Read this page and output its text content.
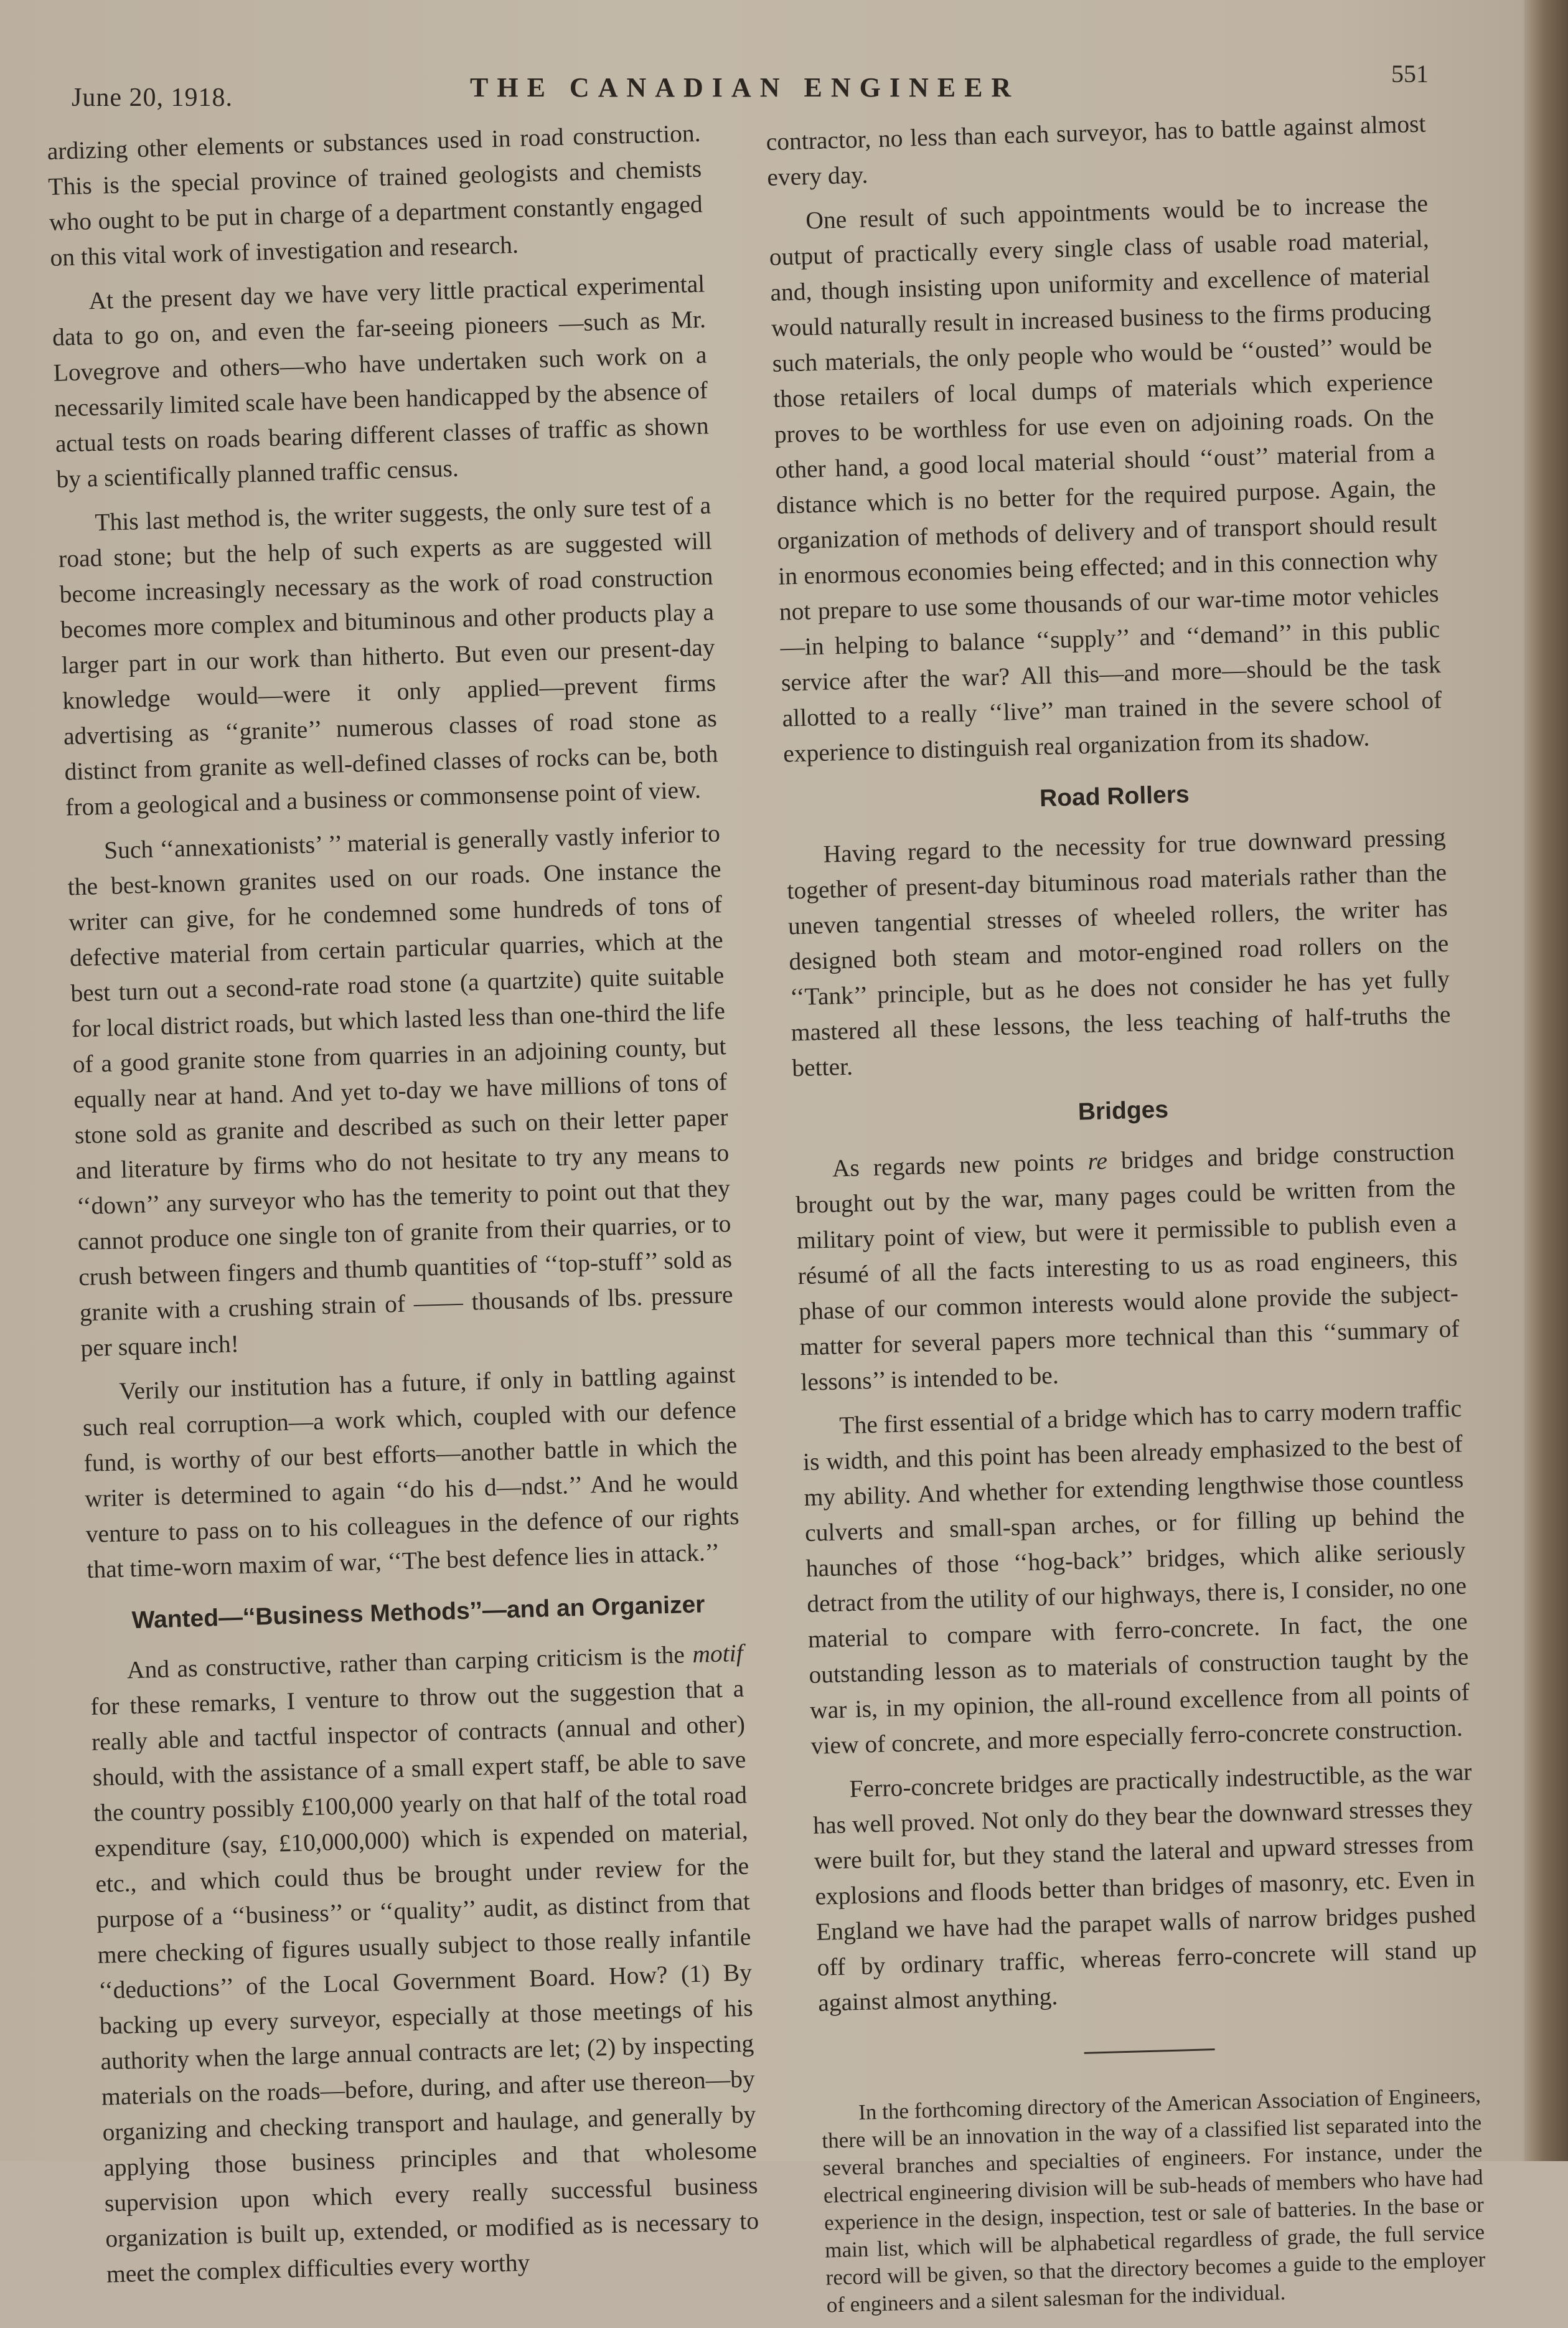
June 20, 1918.	THE CANADIAN ENGINEER	551

ardizing other elements or substances used in road construction. This is the special province of trained geologists and chemists who ought to be put in charge of a department constantly engaged on this vital work of investigation and research.

At the present day we have very little practical experimental data to go on, and even the far-seeing pioneers —such as Mr. Lovegrove and others—who have undertaken such work on a necessarily limited scale have been handicapped by the absence of actual tests on roads bearing different classes of traffic as shown by a scientifically planned traffic census.

This last method is, the writer suggests, the only sure test of a road stone; but the help of such experts as are suggested will become increasingly necessary as the work of road construction becomes more complex and bituminous and other products play a larger part in our work than hitherto. But even our present-day knowledge would—were it only applied—prevent firms advertising as ‘‘granite’’ numerous classes of road stone as distinct from granite as well-defined classes of rocks can be, both from a geological and a business or commonsense point of view.

Such ‘‘annexationists’ ’’ material is generally vastly inferior to the best-known granites used on our roads. One instance the writer can give, for he condemned some hundreds of tons of defective material from certain particular quarries, which at the best turn out a second-rate road stone (a quartzite) quite suitable for local district roads, but which lasted less than one-third the life of a good granite stone from quarries in an adjoining county, but equally near at hand. And yet to-day we have millions of tons of stone sold as granite and described as such on their letter paper and literature by firms who do not hesitate to try any means to ‘‘down’’ any surveyor who has the temerity to point out that they cannot produce one single ton of granite from their quarries, or to crush between fingers and thumb quantities of ‘‘top-stuff’’ sold as granite with a crushing strain of —— thousands of lbs. pressure per square inch!

Verily our institution has a future, if only in battling against such real corruption—a work which, coupled with our defence fund, is worthy of our best efforts—another battle in which the writer is determined to again ‘‘do his d—ndst.’’ And he would venture to pass on to his colleagues in the defence of our rights that time-worn maxim of war, ‘‘The best defence lies in attack.’’

Wanted—‘‘Business Methods’’—and an Organizer

And as constructive, rather than carping criticism is the motif for these remarks, I venture to throw out the suggestion that a really able and tactful inspector of contracts (annual and other) should, with the assistance of a small expert staff, be able to save the country possibly £100,000 yearly on that half of the total road expenditure (say, £10,000,000) which is expended on material, etc., and which could thus be brought under review for the purpose of a ‘‘business’’ or ‘‘quality’’ audit, as distinct from that mere checking of figures usually subject to those really infantile ‘‘deductions’’ of the Local Government Board. How? (1) By backing up every surveyor, especially at those meetings of his authority when the large annual contracts are let; (2) by inspecting materials on the roads—before, during, and after use thereon—by organizing and checking transport and haulage, and generally by applying those business principles and that wholesome supervision upon which every really successful business organization is built up, extended, or modified as is necessary to meet the complex difficulties every worthy

contractor, no less than each surveyor, has to battle against almost every day.

One result of such appointments would be to increase the output of practically every single class of usable road material, and, though insisting upon uniformity and excellence of material would naturally result in increased business to the firms producing such materials, the only people who would be ‘‘ousted’’ would be those retailers of local dumps of materials which experience proves to be worthless for use even on adjoining roads. On the other hand, a good local material should ‘‘oust’’ material from a distance which is no better for the required purpose. Again, the organization of methods of delivery and of transport should result in enormous economies being effected; and in this connection why not prepare to use some thousands of our war-time motor vehicles—in helping to balance ‘‘supply’’ and ‘‘demand’’ in this public service after the war? All this—and more—should be the task allotted to a really ‘‘live’’ man trained in the severe school of experience to distinguish real organization from its shadow.

Road Rollers

Having regard to the necessity for true downward pressing together of present-day bituminous road materials rather than the uneven tangential stresses of wheeled rollers, the writer has designed both steam and motor-engined road rollers on the ‘‘Tank’’ principle, but as he does not consider he has yet fully mastered all these lessons, the less teaching of half-truths the better.

Bridges

As regards new points re bridges and bridge construction brought out by the war, many pages could be written from the military point of view, but were it permissible to publish even a résumé of all the facts interesting to us as road engineers, this phase of our common interests would alone provide the subject-matter for several papers more technical than this ‘‘summary of lessons’’ is intended to be.

The first essential of a bridge which has to carry modern traffic is width, and this point has been already emphasized to the best of my ability. And whether for extending lengthwise those countless culverts and small-span arches, or for filling up behind the haunches of those ‘‘hog-back’’ bridges, which alike seriously detract from the utility of our highways, there is, I consider, no one material to compare with ferro-concrete. In fact, the one outstanding lesson as to materials of construction taught by the war is, in my opinion, the all-round excellence from all points of view of concrete, and more especially ferro-concrete construction.

Ferro-concrete bridges are practically indestructible, as the war has well proved. Not only do they bear the downward stresses they were built for, but they stand the lateral and upward stresses from explosions and floods better than bridges of masonry, etc. Even in England we have had the parapet walls of narrow bridges pushed off by ordinary traffic, whereas ferro-concrete will stand up against almost anything.

In the forthcoming directory of the American Association of Engineers, there will be an innovation in the way of a classified list separated into the several branches and specialties of engineers. For instance, under the electrical engineering division will be sub-heads of members who have had experience in the design, inspection, test or sale of batteries. In the base or main list, which will be alphabetical regardless of grade, the full service record will be given, so that the directory becomes a guide to the employer of engineers and a silent salesman for the individual.
